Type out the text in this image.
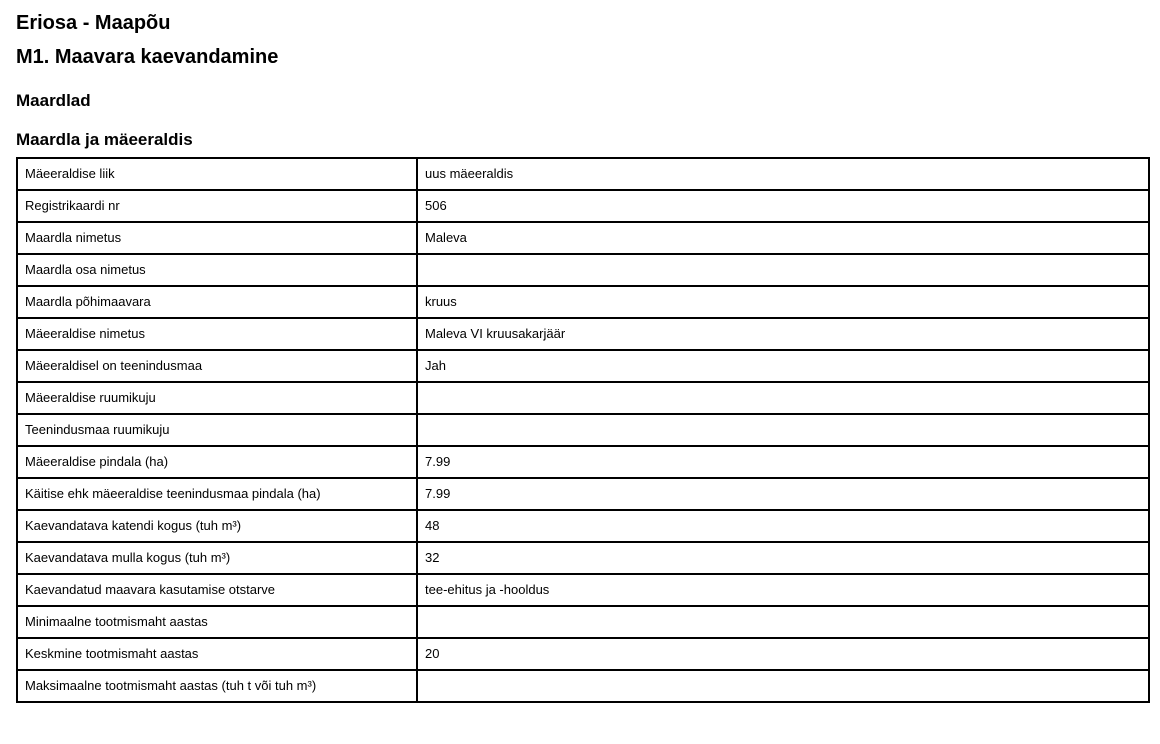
Eriosa - Maapõu
M1. Maavara kaevandamine
Maardlad
Maardla ja mäeeraldis
Mäeeraldise liik	uus mäeeraldis
Registrikaardi nr	506
Maardla nimetus	Maleva
Maardla osa nimetus	
Maardla põhimaavara	kruus
Mäeeraldise nimetus	Maleva VI kruusakarjäär
Mäeeraldisel on teenindusmaa	Jah
Mäeeraldise ruumikuju	
Teenindusmaa ruumikuju	
Mäeeraldise pindala (ha)	7.99
Käitise ehk mäeeraldise teenindusmaa pindala (ha)	7.99
Kaevandatava katendi kogus (tuh m³)	48
Kaevandatava mulla kogus (tuh m³)	32
Kaevandatud maavara kasutamise otstarve	tee-ehitus ja -hooldus
Minimaalne tootmismaht aastas	
Keskmine tootmismaht aastas	20
Maksimaalne tootmismaht aastas (tuh t või tuh m³)	
